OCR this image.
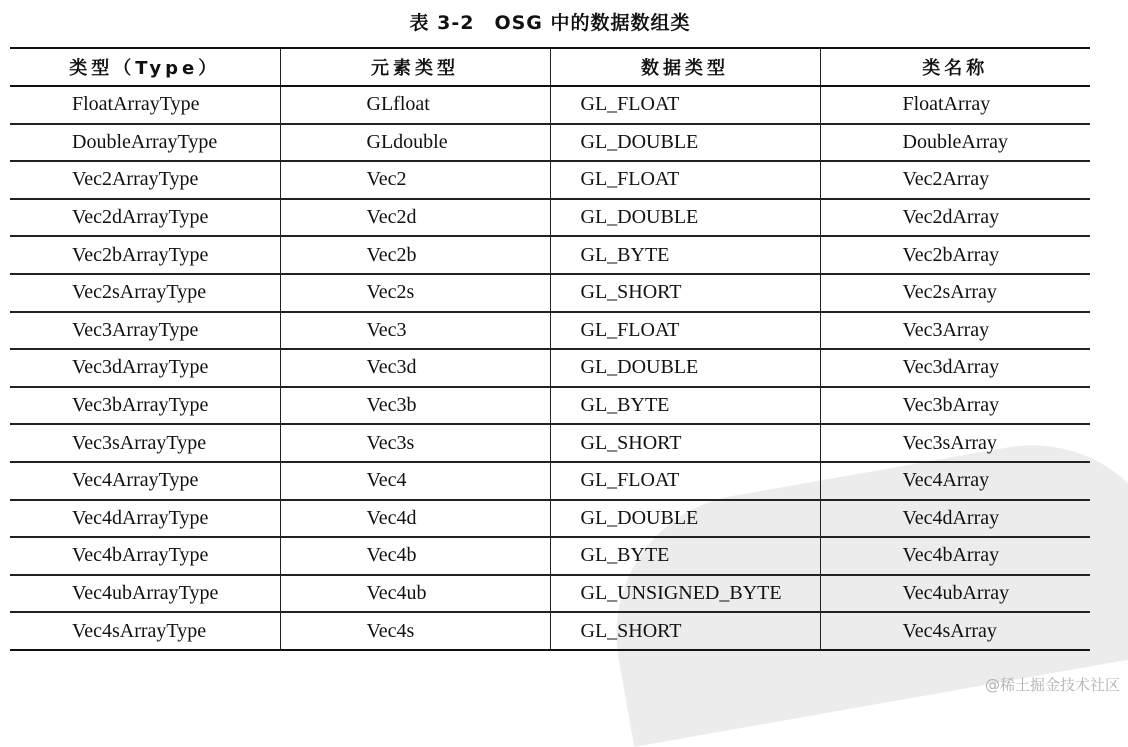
表 3-2　OSG 中的数据数组类
类型（Type）	元素类型	数据类型	类名称
FloatArrayType	GLfloat	GL_FLOAT	FloatArray
DoubleArrayType	GLdouble	GL_DOUBLE	DoubleArray
Vec2ArrayType	Vec2	GL_FLOAT	Vec2Array
Vec2dArrayType	Vec2d	GL_DOUBLE	Vec2dArray
Vec2bArrayType	Vec2b	GL_BYTE	Vec2bArray
Vec2sArrayType	Vec2s	GL_SHORT	Vec2sArray
Vec3ArrayType	Vec3	GL_FLOAT	Vec3Array
Vec3dArrayType	Vec3d	GL_DOUBLE	Vec3dArray
Vec3bArrayType	Vec3b	GL_BYTE	Vec3bArray
Vec3sArrayType	Vec3s	GL_SHORT	Vec3sArray
Vec4ArrayType	Vec4	GL_FLOAT	Vec4Array
Vec4dArrayType	Vec4d	GL_DOUBLE	Vec4dArray
Vec4bArrayType	Vec4b	GL_BYTE	Vec4bArray
Vec4ubArrayType	Vec4ub	GL_UNSIGNED_BYTE	Vec4ubArray
Vec4sArrayType	Vec4s	GL_SHORT	Vec4sArray
@稀土掘金技术社区
